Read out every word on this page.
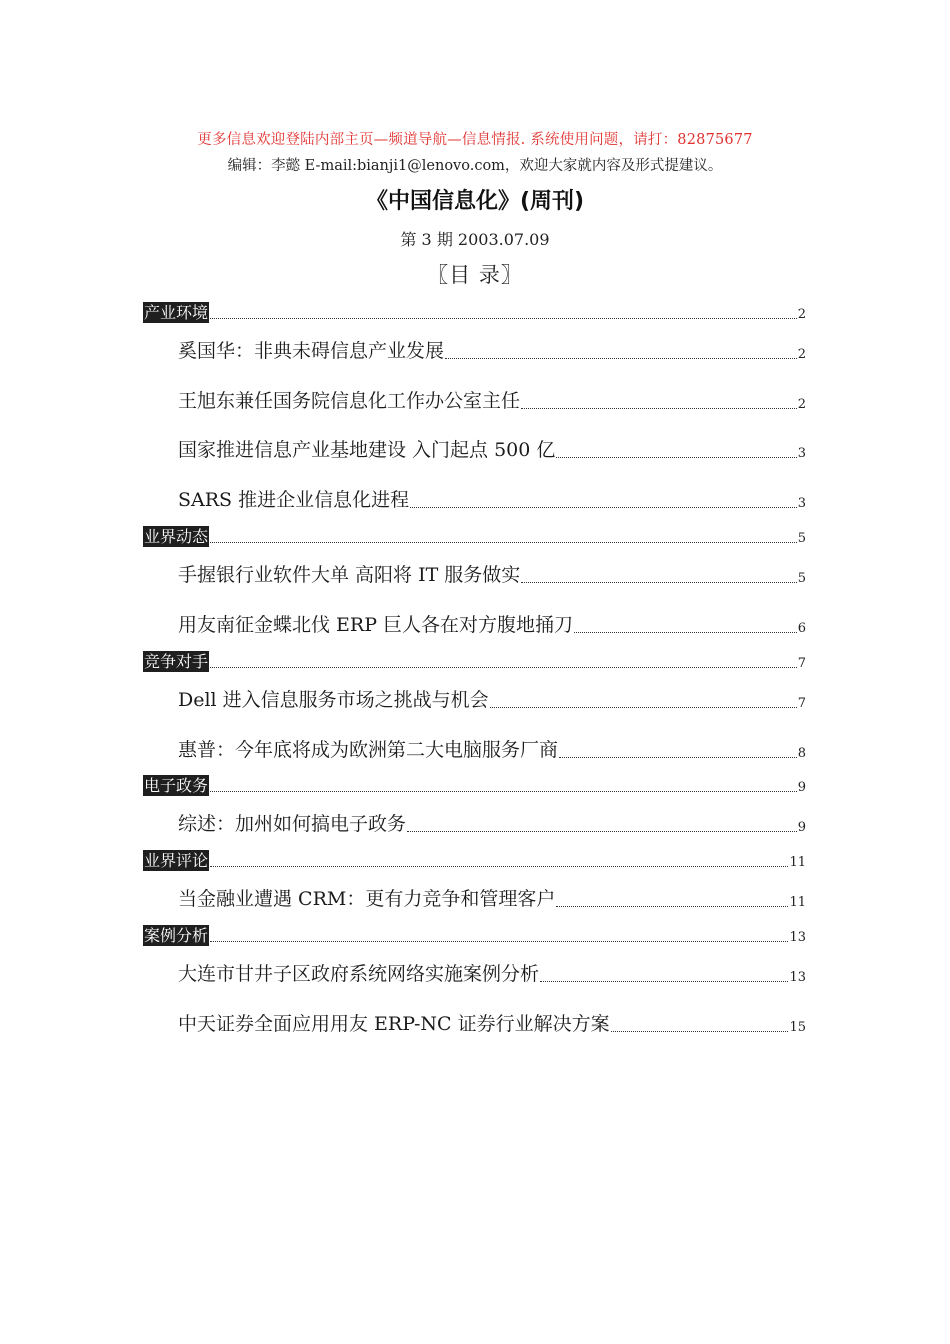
更多信息欢迎登陆内部主页—频道导航—信息情报. 系统使用问题，请打：82875677
编辑：李懿 E-mail:bianji1@lenovo.com，欢迎大家就内容及形式提建议。
《中国信息化》(周刊)
第 3 期 2003.07.09
〖目 录〗
产业环境	2
奚国华：非典未碍信息产业发展	2
王旭东兼任国务院信息化工作办公室主任	2
国家推进信息产业基地建设 入门起点 500 亿	3
SARS 推进企业信息化进程	3
业界动态	5
手握银行业软件大单 高阳将 IT 服务做实	5
用友南征金蝶北伐 ERP 巨人各在对方腹地捅刀	6
竞争对手	7
Dell 进入信息服务市场之挑战与机会	7
惠普：今年底将成为欧洲第二大电脑服务厂商	8
电子政务	9
综述：加州如何搞电子政务	9
业界评论	11
当金融业遭遇 CRM：更有力竞争和管理客户	11
案例分析	13
大连市甘井子区政府系统网络实施案例分析	13
中天证券全面应用用友 ERP-NC 证券行业解决方案	15
